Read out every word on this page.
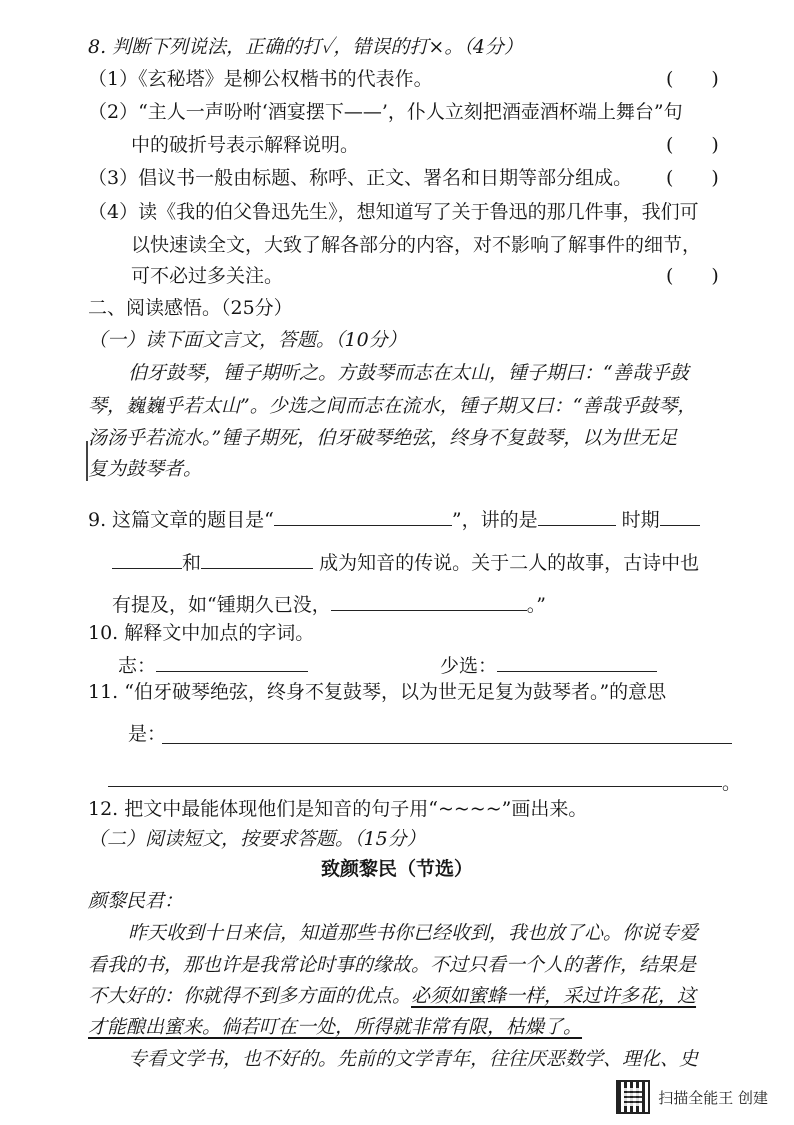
8. 判断下列说法，正确的打✓，错误的打×。（4分）
（1）《玄秘塔》是柳公权楷书的代表作。	(　　)
（2）“主人一声吩咐‘酒宴摆下——’，仆人立刻把酒壶酒杯端上舞台”句
中的破折号表示解释说明。	(　　)
（3）倡议书一般由标题、称呼、正文、署名和日期等部分组成。 (　　)
（4）读《我的伯父鲁迅先生》，想知道写了关于鲁迅的那几件事，我们可
以快速读全文，大致了解各部分的内容，对不影响了解事件的细节，
可不必过多关注。	(　　)
二、阅读感悟。（25分）
（一）读下面文言文，答题。（10分）
伯牙鼓琴，锺子期听之。方鼓琴而志在太山，锺子期曰：“善哉乎鼓
琴，巍巍乎若太山”。少选之间而志在流水，锺子期又曰：“善哉乎鼓琴，
汤汤乎若流水。”锺子期死，伯牙破琴绝弦，终身不复鼓琴，以为世无足
复为鼓琴者。
9. 这篇文章的题目是“	”，讲的是	时期
和	成为知音的传说。关于二人的故事，古诗中也
有提及，如“锺期久已没，	。”
10. 解释文中加点的字词。
志：	少选：
11. “伯牙破琴绝弦，终身不复鼓琴，以为世无足复为鼓琴者。”的意思
是：
。
12. 把文中最能体现他们是知音的句子用“~~~~”画出来。
（二）阅读短文，按要求答题。（15分）
致颜黎民（节选）
颜黎民君：
昨天收到十日来信，知道那些书你已经收到，我也放了心。你说专爱
看我的书，那也许是我常论时事的缘故。不过只看一个人的著作，结果是
不大好的：你就得不到多方面的优点。必须如蜜蜂一样，采过许多花，这
才能酿出蜜来。倘若叮在一处，所得就非常有限，枯燥了。
专看文学书，也不好的。先前的文学青年，往往厌恶数学、理化、史
扫描全能王 创建
